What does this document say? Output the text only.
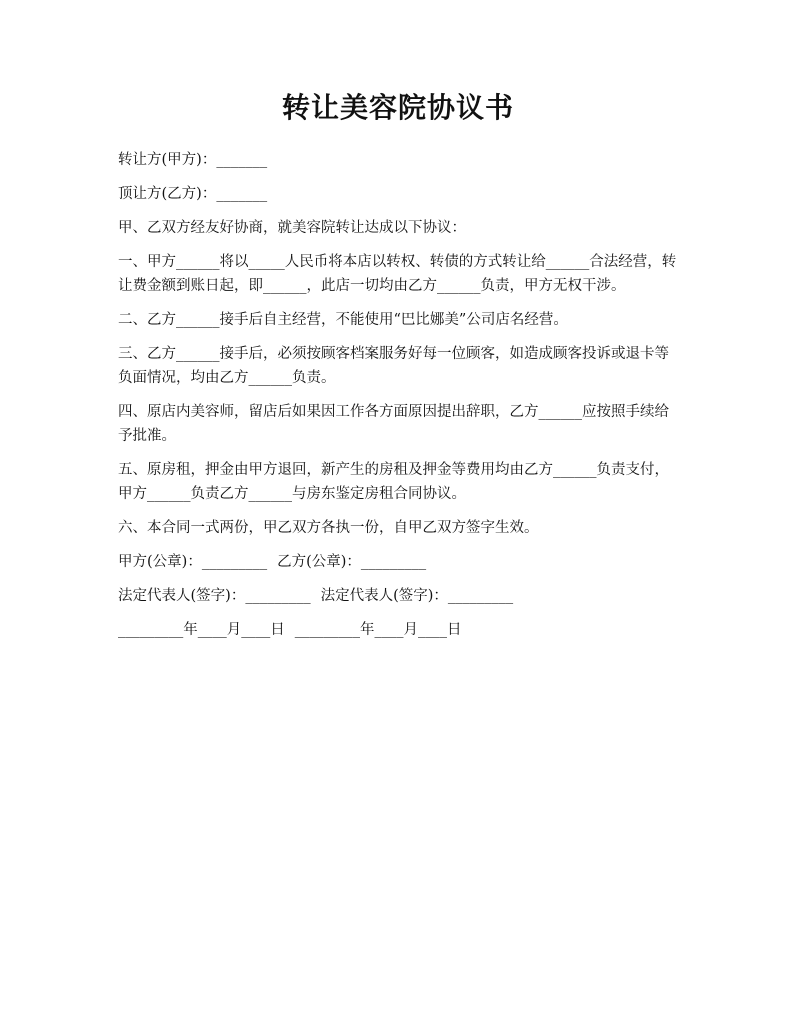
转让美容院协议书

转让方(甲方)：_______

顶让方(乙方)：_______

甲、乙双方经友好协商，就美容院转让达成以下协议：

一、甲方______将以_____人民币将本店以转权、转债的方式转让给______合法经营，转让费金额到账日起，即______，此店一切均由乙方______负责，甲方无权干涉。

二、乙方______接手后自主经营，不能使用“巴比娜美”公司店名经营。

三、乙方______接手后，必须按顾客档案服务好每一位顾客，如造成顾客投诉或退卡等负面情况，均由乙方______负责。

四、原店内美容师，留店后如果因工作各方面原因提出辞职，乙方______应按照手续给予批准。

五、原房租，押金由甲方退回，新产生的房租及押金等费用均由乙方______负责支付，甲方______负责乙方______与房东鉴定房租合同协议。

六、本合同一式两份，甲乙双方各执一份，自甲乙双方签字生效。

甲方(公章)：_________ 乙方(公章)：_________
法定代表人(签字)：_________ 法定代表人(签字)：_________
_________年____月____日 _________年____月____日
